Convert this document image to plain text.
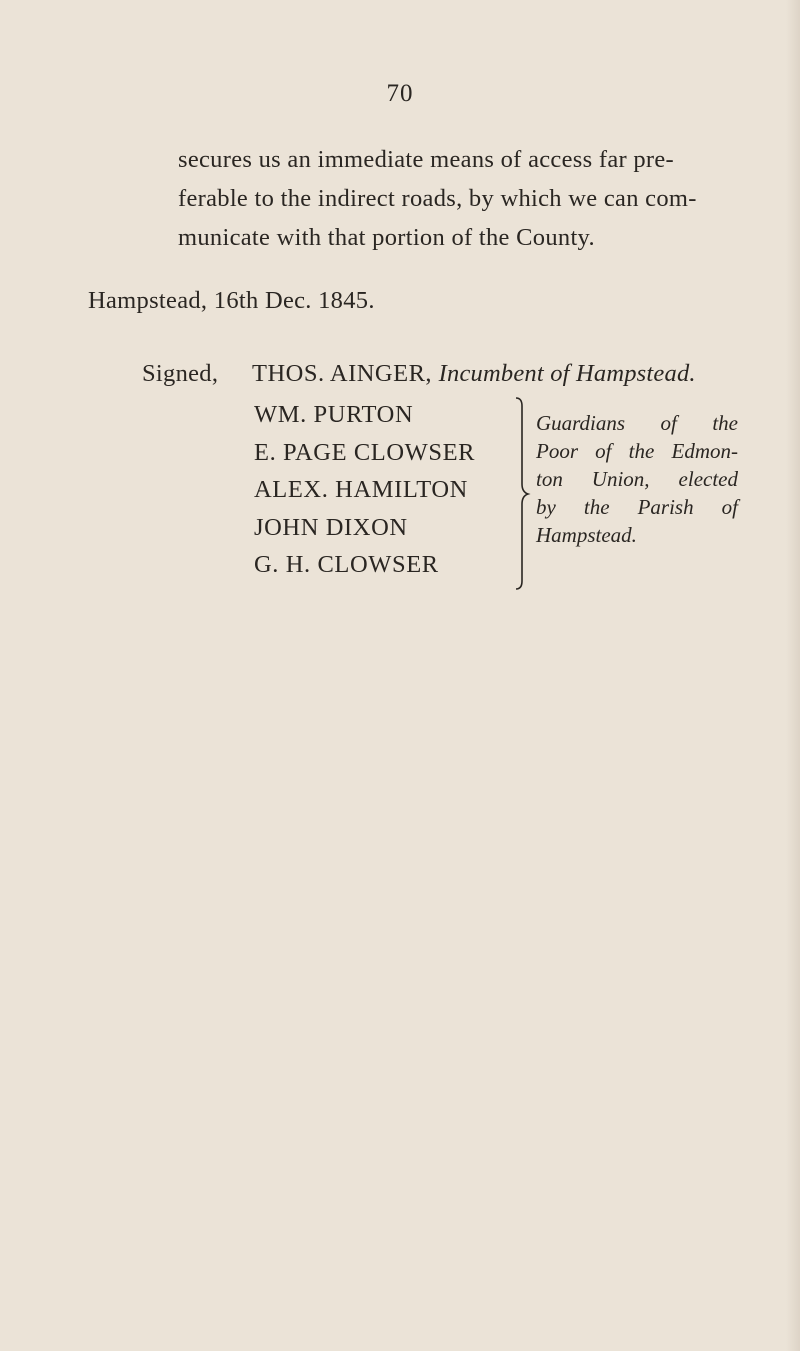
70
secures us an immediate means of access far pre-
ferable to the indirect roads, by which we can com-
municate with that portion of the County.
Hampstead, 16th Dec. 1845.
Signed, THOS. AINGER, Incumbent of Hampstead.
WM. PURTON
E. PAGE CLOWSER
ALEX. HAMILTON
JOHN DIXON
G. H. CLOWSER
Guardians of the
Poor of the Edmon-
ton Union, elected
by the Parish of
Hampstead.
